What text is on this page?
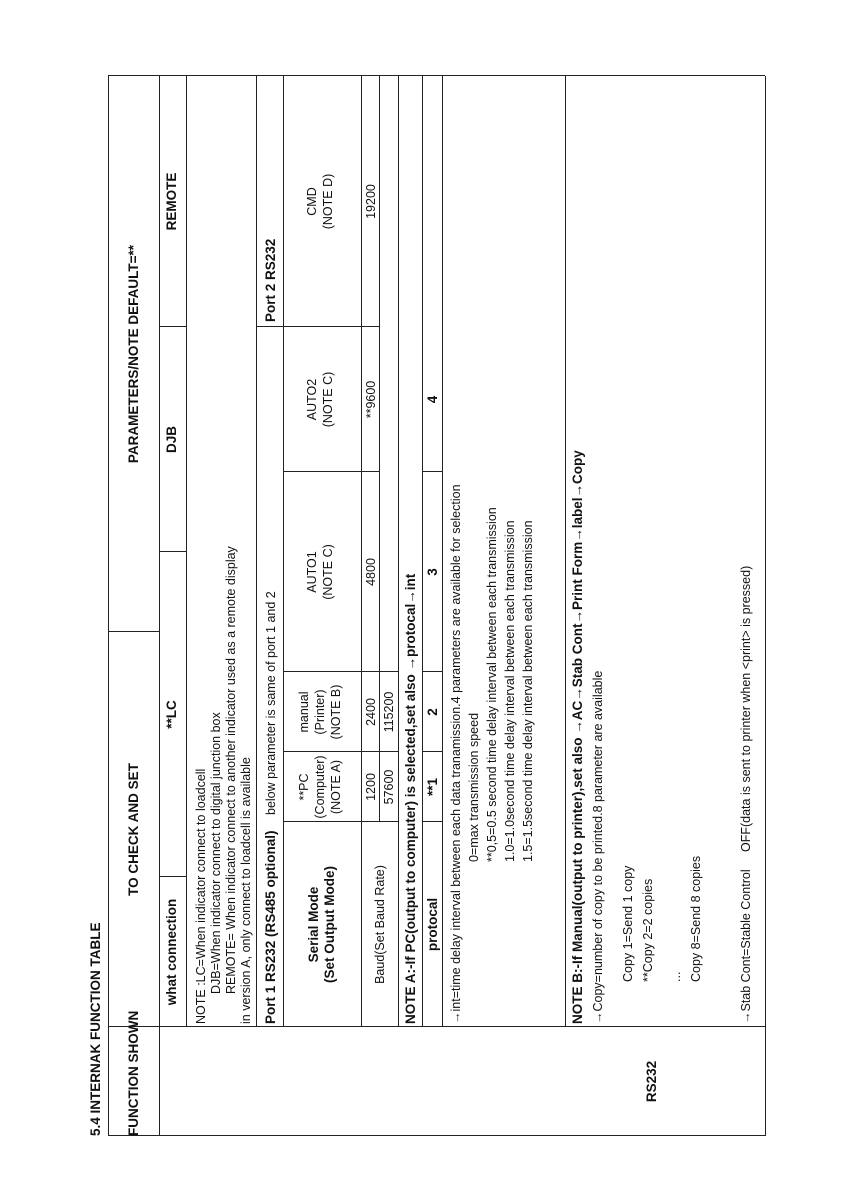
5.4 INTERNAK FUNCTION TABLE FUNCTION SHOWN
TO CHECK AND SET
PARAMETERS/NOTE DEFAULT=**
what connection
**LC
DJB
REMOTE
NOTE :LC=When indicator connect to loadcell DJB=When indicator connect to digital junction box REMOTE= When indicator connect to another indicator used as a remote display in version A, only connect to loadcell is available Port 1 RS232 (RS485 optional)
below parameter is same of port 1 and 2
Port 2 RS232
Serial Mode (Set Output Mode)
**PC (Computer) (NOTE A)
manual (Printer) (NOTE B)
AUTO1 (NOTE C)
AUTO2 (NOTE C)
CMD (NOTE D)
Baud(Set Baud Rate)
1200
2400
4800
**9600
19200
57600
115200 NOTE A:-If PC(output to computer) is selected,set also →protocal→int protocal
**1
2
3
4
→int=time delay interval between each data tranamission.4 parameters are available for selection 0=max transmission speed **0,5=0.5 second time delay interval between each transmission 1.0=1.0second time delay interval between each transmission 1.5=1.5second time delay interval between each transmission	NOTE B:-If Manual(output to printer),set also →AC→Stab Cont→Print Form→label→Copy →Copy=number of copy to be printed.8 parameter are available Copy 1=Send 1 copy **Copy 2=2 copies ... Copy 8=Send 8 copies	→Stab Cont=Stable Control
OFF(data is sent to printer when <print> is pressed)
RS232
